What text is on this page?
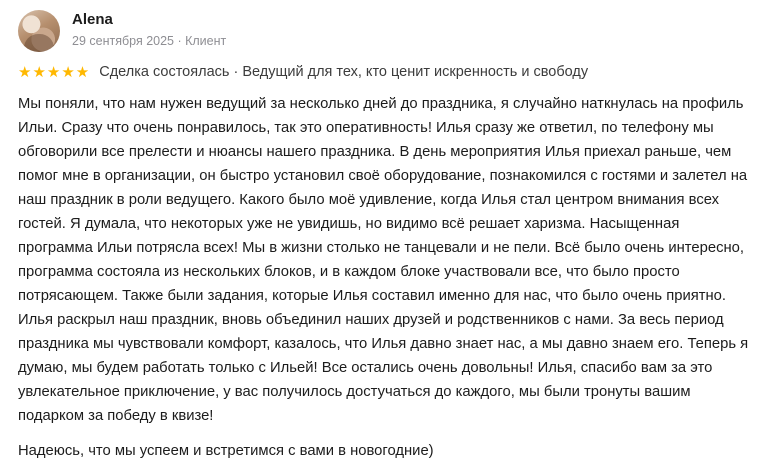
Alena
29 сентября 2025 · Клиент
★★★★★ Сделка состоялась · Ведущий для тех, кто ценит искренность и свободу

Мы поняли, что нам нужен ведущий за несколько дней до праздника, я случайно наткнулась на профиль Ильи. Сразу что очень понравилось, так это оперативность! Илья сразу же ответил, по телефону мы обговорили все прелести и нюансы нашего праздника. В день мероприятия Илья приехал раньше, чем помог мне в организации, он быстро установил своё оборудование, познакомился с гостями и залетел на наш праздник в роли ведущего. Какого было моё удивление, когда Илья стал центром внимания всех гостей. Я думала, что некоторых уже не увидишь, но видимо всё решает харизма. Насыщенная программа Ильи потрясла всех! Мы в жизни столько не танцевали и не пели. Всё было очень интересно, программа состояла из нескольких блоков, и в каждом блоке участвовали все, что было просто потрясающем. Также были задания, которые Илья составил именно для нас, что было очень приятно. Илья раскрыл наш праздник, вновь объединил наших друзей и родственников с нами. За весь период праздника мы чувствовали комфорт, казалось, что Илья давно знает нас, а мы давно знаем его. Теперь я думаю, мы будем работать только с Ильей! Все остались очень довольны! Илья, спасибо вам за это увлекательное приключение, у вас получилось достучаться до каждого, мы были тронуты вашим подарком за победу в квизе!

Надеюсь, что мы успеем и встретимся с вами в новогодние)
